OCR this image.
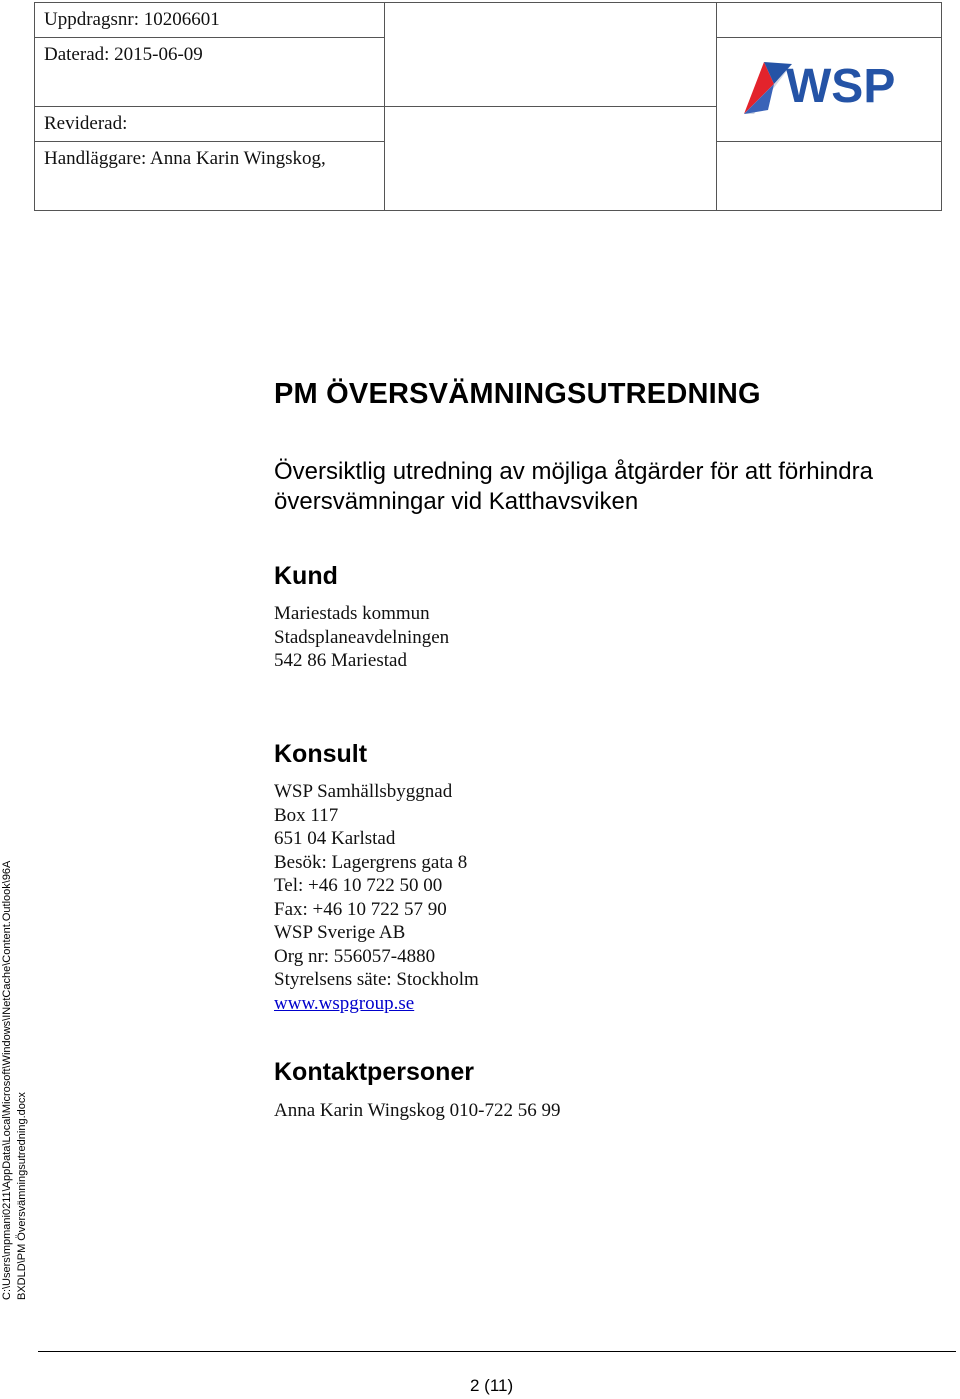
Uppdragsnr: 10206601		
Daterad: 2015-06-09		WSP

Reviderad:		
Handläggare: Anna Karin Wingskog,		
PM ÖVERSVÄMNINGSUTREDNING

Översiktlig utredning av möjliga åtgärder för att förhindra översvämningar vid Katthavsviken

Kund
Mariestads kommun
Stadsplaneavdelningen
542 86 Mariestad
Konsult
WSP Samhällsbyggnad
Box 117
651 04 Karlstad
Besök: Lagergrens gata 8
Tel: +46 10 722 50 00
Fax: +46 10 722 57 90
WSP Sverige AB
Org nr: 556057-4880
Styrelsens säte: Stockholm
www.wspgroup.se
Kontaktpersoner
Anna Karin Wingskog 010-722 56 99
C:\Users\mpmani0211\AppData\Local\Microsoft\Windows\INetCache\Content.Outlook\96A BXDLD\PM Översvämningsutredning.docx
2 (11)
